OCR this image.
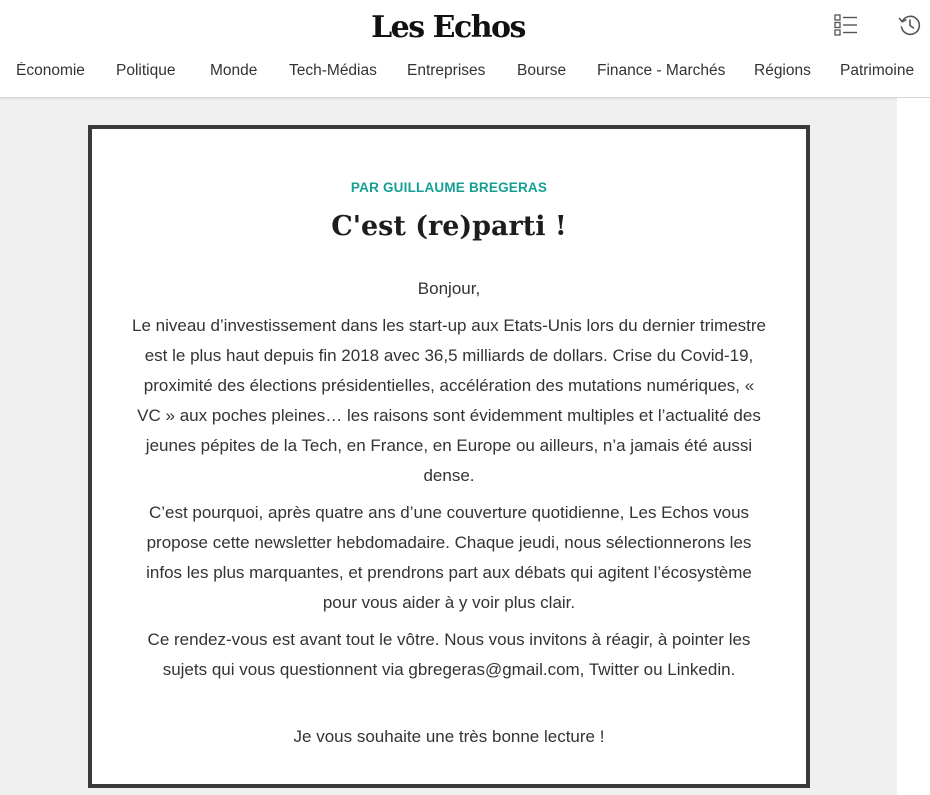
Les Echos
Économie Politique Monde Tech-Médias Entreprises Bourse Finance - Marchés Régions Patrimoine
PAR GUILLAUME BREGERAS
C'est (re)parti !
Bonjour,
Le niveau d’investissement dans les start-up aux Etats-Unis lors du dernier trimestre est le plus haut depuis fin 2018 avec 36,5 milliards de dollars. Crise du Covid-19, proximité des élections présidentielles, accélération des mutations numériques, « VC » aux poches pleines… les raisons sont évidemment multiples et l’actualité des jeunes pépites de la Tech, en France, en Europe ou ailleurs, n’a jamais été aussi dense.
C’est pourquoi, après quatre ans d’une couverture quotidienne, Les Echos vous propose cette newsletter hebdomadaire. Chaque jeudi, nous sélectionnerons les infos les plus marquantes, et prendrons part aux débats qui agitent l’écosystème pour vous aider à y voir plus clair.
Ce rendez-vous est avant tout le vôtre. Nous vous invitons à réagir, à pointer les sujets qui vous questionnent via gbregeras@gmail.com, Twitter ou Linkedin.
Je vous souhaite une très bonne lecture !
